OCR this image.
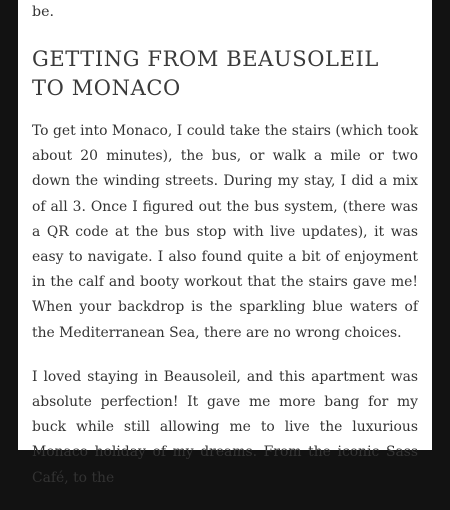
be.

GETTING FROM BEAUSOLEIL TO MONACO

To get into Monaco, I could take the stairs (which took about 20 minutes), the bus, or walk a mile or two down the winding streets. During my stay, I did a mix of all 3. Once I figured out the bus system, (there was a QR code at the bus stop with live updates), it was easy to navigate. I also found quite a bit of enjoyment in the calf and booty workout that the stairs gave me! When your backdrop is the sparkling blue waters of the Mediterranean Sea, there are no wrong choices.

I loved staying in Beausoleil, and this apartment was absolute perfection! It gave me more bang for my buck while still allowing me to live the luxurious Monaco holiday of my dreams. From the iconic Sass Café, to the
